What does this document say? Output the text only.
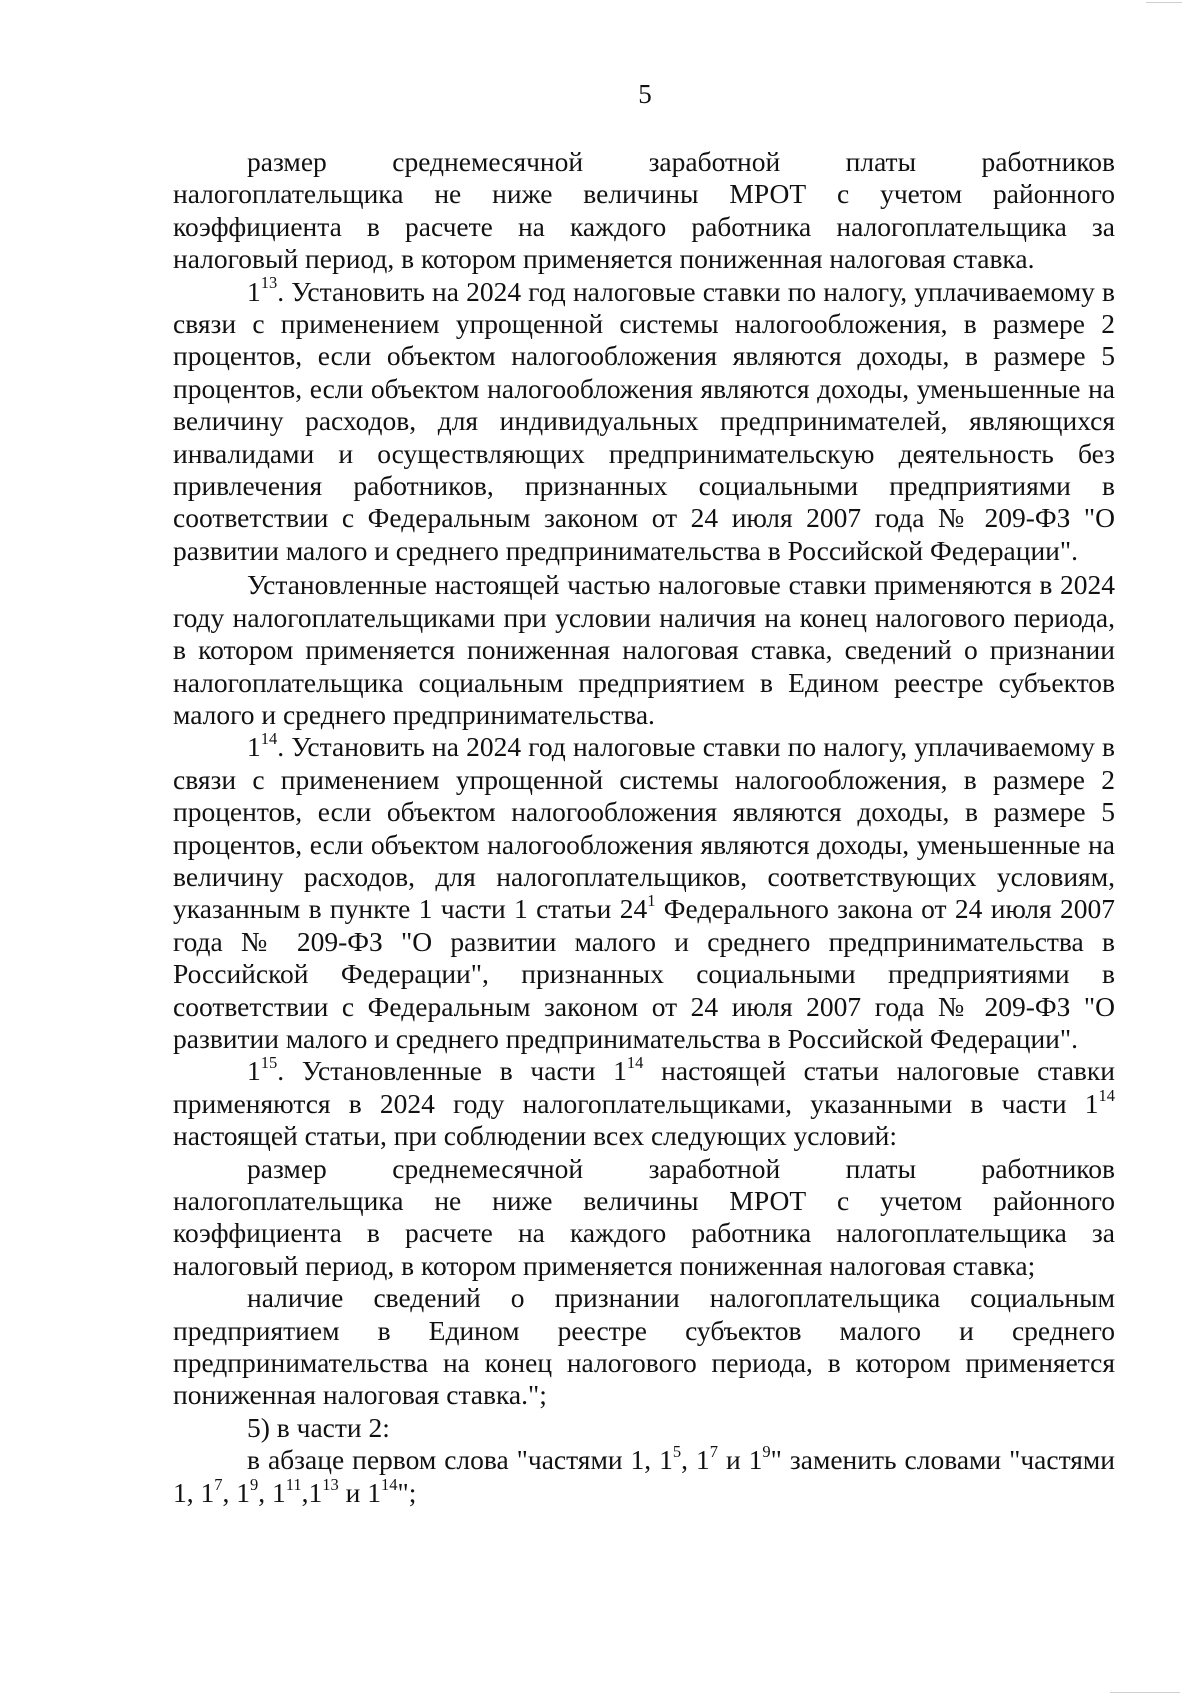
5

размер среднемесячной заработной платы работников налогоплательщика не ниже величины МРОТ с учетом районного коэффициента в расчете на каждого работника налогоплательщика за налоговый период, в котором применяется пониженная налоговая ставка.

$1^{13}$. Установить на 2024 год налоговые ставки по налогу, уплачиваемому в связи с применением упрощенной системы налогообложения, в размере 2 процентов, если объектом налогообложения являются доходы, в размере 5 процентов, если объектом налогообложения являются доходы, уменьшенные на величину расходов, для индивидуальных предпринимателей, являющихся инвалидами и осуществляющих предпринимательскую деятельность без привлечения работников, признанных социальными предприятиями в соответствии с Федеральным законом от 24 июля 2007 года № 209-ФЗ "О развитии малого и среднего предпринимательства в Российской Федерации".

Установленные настоящей частью налоговые ставки применяются в 2024 году налогоплательщиками при условии наличия на конец налогового периода, в котором применяется пониженная налоговая ставка, сведений о признании налогоплательщика социальным предприятием в Едином реестре субъектов малого и среднего предпринимательства.

$1^{14}$. Установить на 2024 год налоговые ставки по налогу, уплачиваемому в связи с применением упрощенной системы налогообложения, в размере 2 процентов, если объектом налогообложения являются доходы, в размере 5 процентов, если объектом налогообложения являются доходы, уменьшенные на величину расходов, для налогоплательщиков, соответствующих условиям, указанным в пункте 1 части 1 статьи $24^1$ Федерального закона от 24 июля 2007 года № 209-ФЗ "О развитии малого и среднего предпринимательства в Российской Федерации", признанных социальными предприятиями в соответствии с Федеральным законом от 24 июля 2007 года № 209-ФЗ "О развитии малого и среднего предпринимательства в Российской Федерации".

$1^{15}$. Установленные в части $1^{14}$ настоящей статьи налоговые ставки применяются в 2024 году налогоплательщиками, указанными в части $1^{14}$ настоящей статьи, при соблюдении всех следующих условий:

размер среднемесячной заработной платы работников налогоплательщика не ниже величины МРОТ с учетом районного коэффициента в расчете на каждого работника налогоплательщика за налоговый период, в котором применяется пониженная налоговая ставка;

наличие сведений о признании налогоплательщика социальным предприятием в Едином реестре субъектов малого и среднего предпринимательства на конец налогового периода, в котором применяется пониженная налоговая ставка.";

5) в части 2:

в абзаце первом слова "частями 1, $1^5$, $1^7$ и $1^9$" заменить словами "частями 1, $1^7$, $1^9$, $1^{11},1^{13}$ и $1^{14}$";
